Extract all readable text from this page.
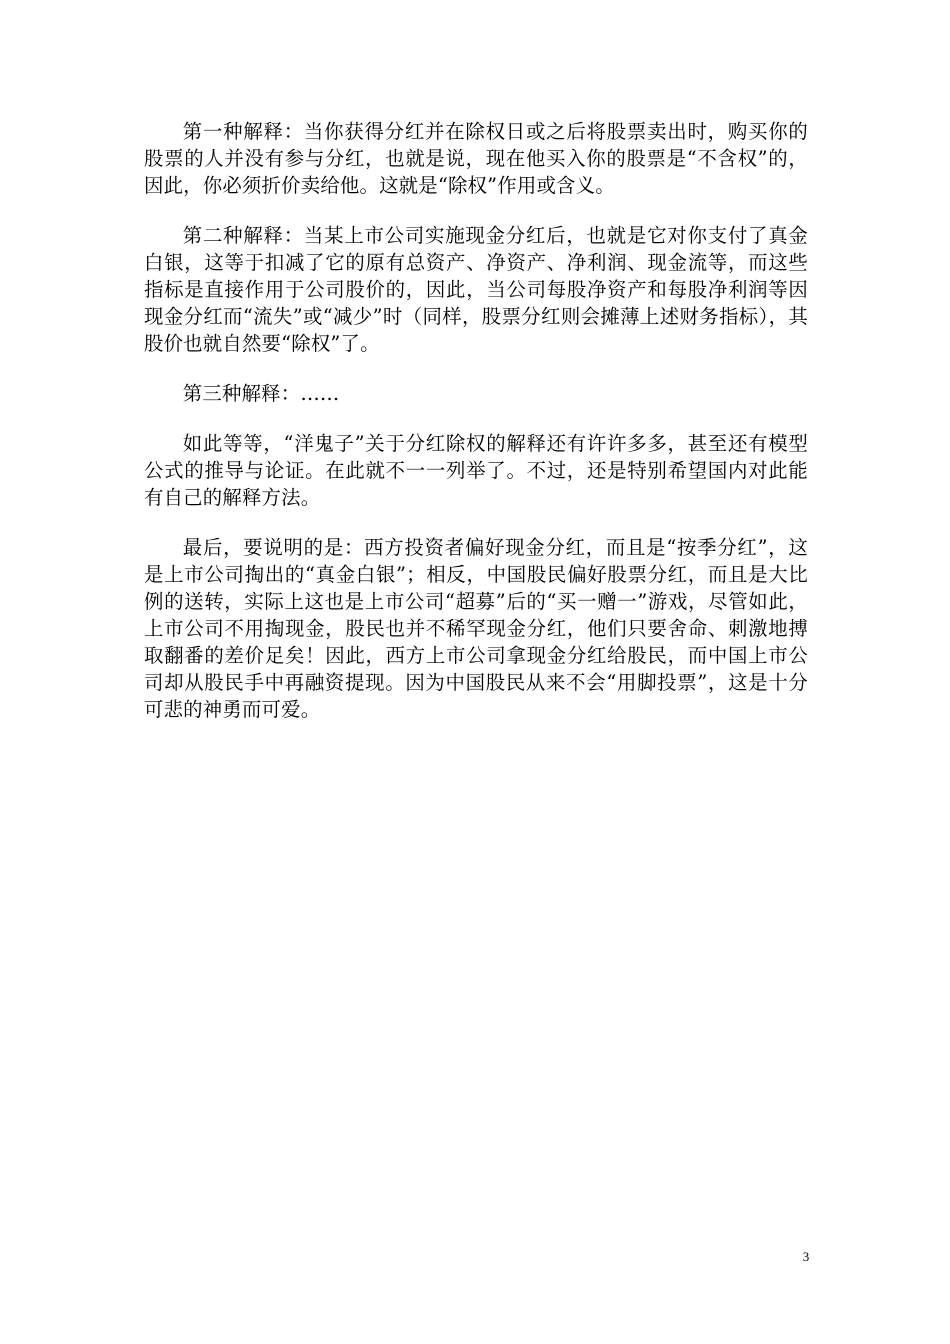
第一种解释：当你获得分红并在除权日或之后将股票卖出时，购买你的股票的人并没有参与分红，也就是说，现在他买入你的股票是“不含权”的，因此，你必须折价卖给他。这就是“除权”作用或含义。

第二种解释：当某上市公司实施现金分红后，也就是它对你支付了真金白银，这等于扣减了它的原有总资产、净资产、净利润、现金流等，而这些指标是直接作用于公司股价的，因此，当公司每股净资产和每股净利润等因现金分红而“流失”或“减少”时（同样，股票分红则会摊薄上述财务指标），其股价也就自然要“除权”了。

第三种解释：……

如此等等，“洋鬼子”关于分红除权的解释还有许许多多，甚至还有模型公式的推导与论证。在此就不一一列举了。不过，还是特别希望国内对此能有自己的解释方法。

最后，要说明的是：西方投资者偏好现金分红，而且是“按季分红”，这是上市公司掏出的“真金白银”；相反，中国股民偏好股票分红，而且是大比例的送转，实际上这也是上市公司“超募”后的“买一赠一”游戏，尽管如此，上市公司不用掏现金，股民也并不稀罕现金分红，他们只要舍命、刺激地搏取翻番的差价足矣！因此，西方上市公司拿现金分红给股民，而中国上市公司却从股民手中再融资提现。因为中国股民从来不会“用脚投票”，这是十分可悲的神勇而可爱。

3
